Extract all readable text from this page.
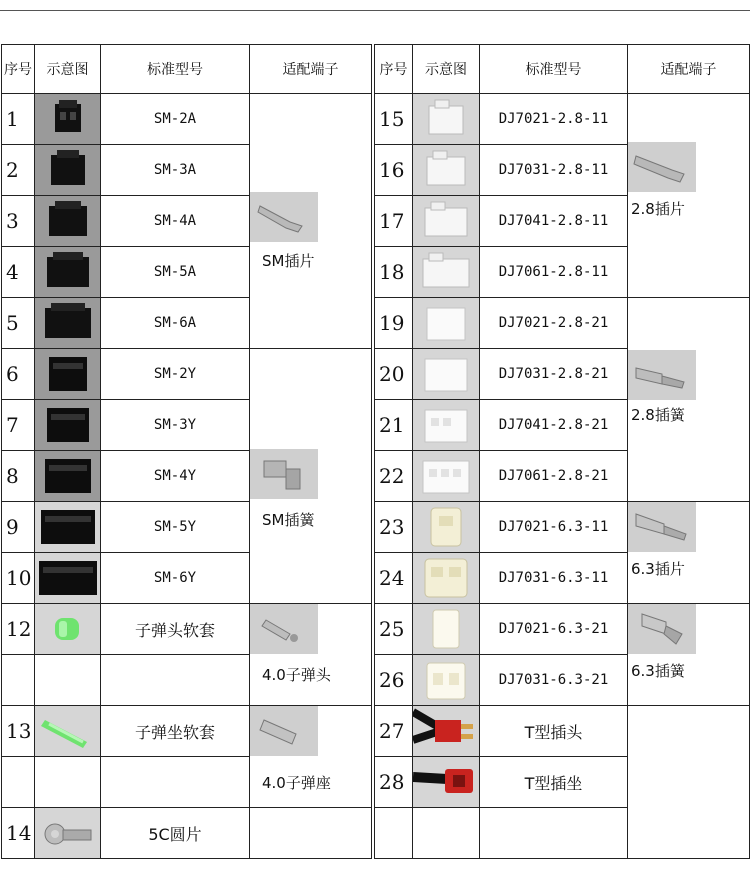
序号	示意图	标准型号	适配端子
1		SM-2A	SM插片

2		SM-3A	
3		SM-4A	
4		SM-5A	
5		SM-6A	
6		SM-2Y	SM插簧

7		SM-3Y	
8		SM-4Y	
9		SM-5Y	
10		SM-6Y	
12		子弹头软套	4.0子弹头

13		子弹坐软套	4.0子弹座

14		5C圆片	
序号	示意图	标准型号	适配端子
15		DJ7021-2.8-11	2.8插片

16		DJ7031-2.8-11	
17		DJ7041-2.8-11	
18		DJ7061-2.8-11	
19		DJ7021-2.8-21	2.8插簧

20		DJ7031-2.8-21	
21		DJ7041-2.8-21	
22		DJ7061-2.8-21	
23		DJ7021-6.3-11	6.3插片

24		DJ7031-6.3-11	
25		DJ7021-6.3-21	6.3插簧

26		DJ7031-6.3-21	
27		T型插头	
28		T型插坐	
